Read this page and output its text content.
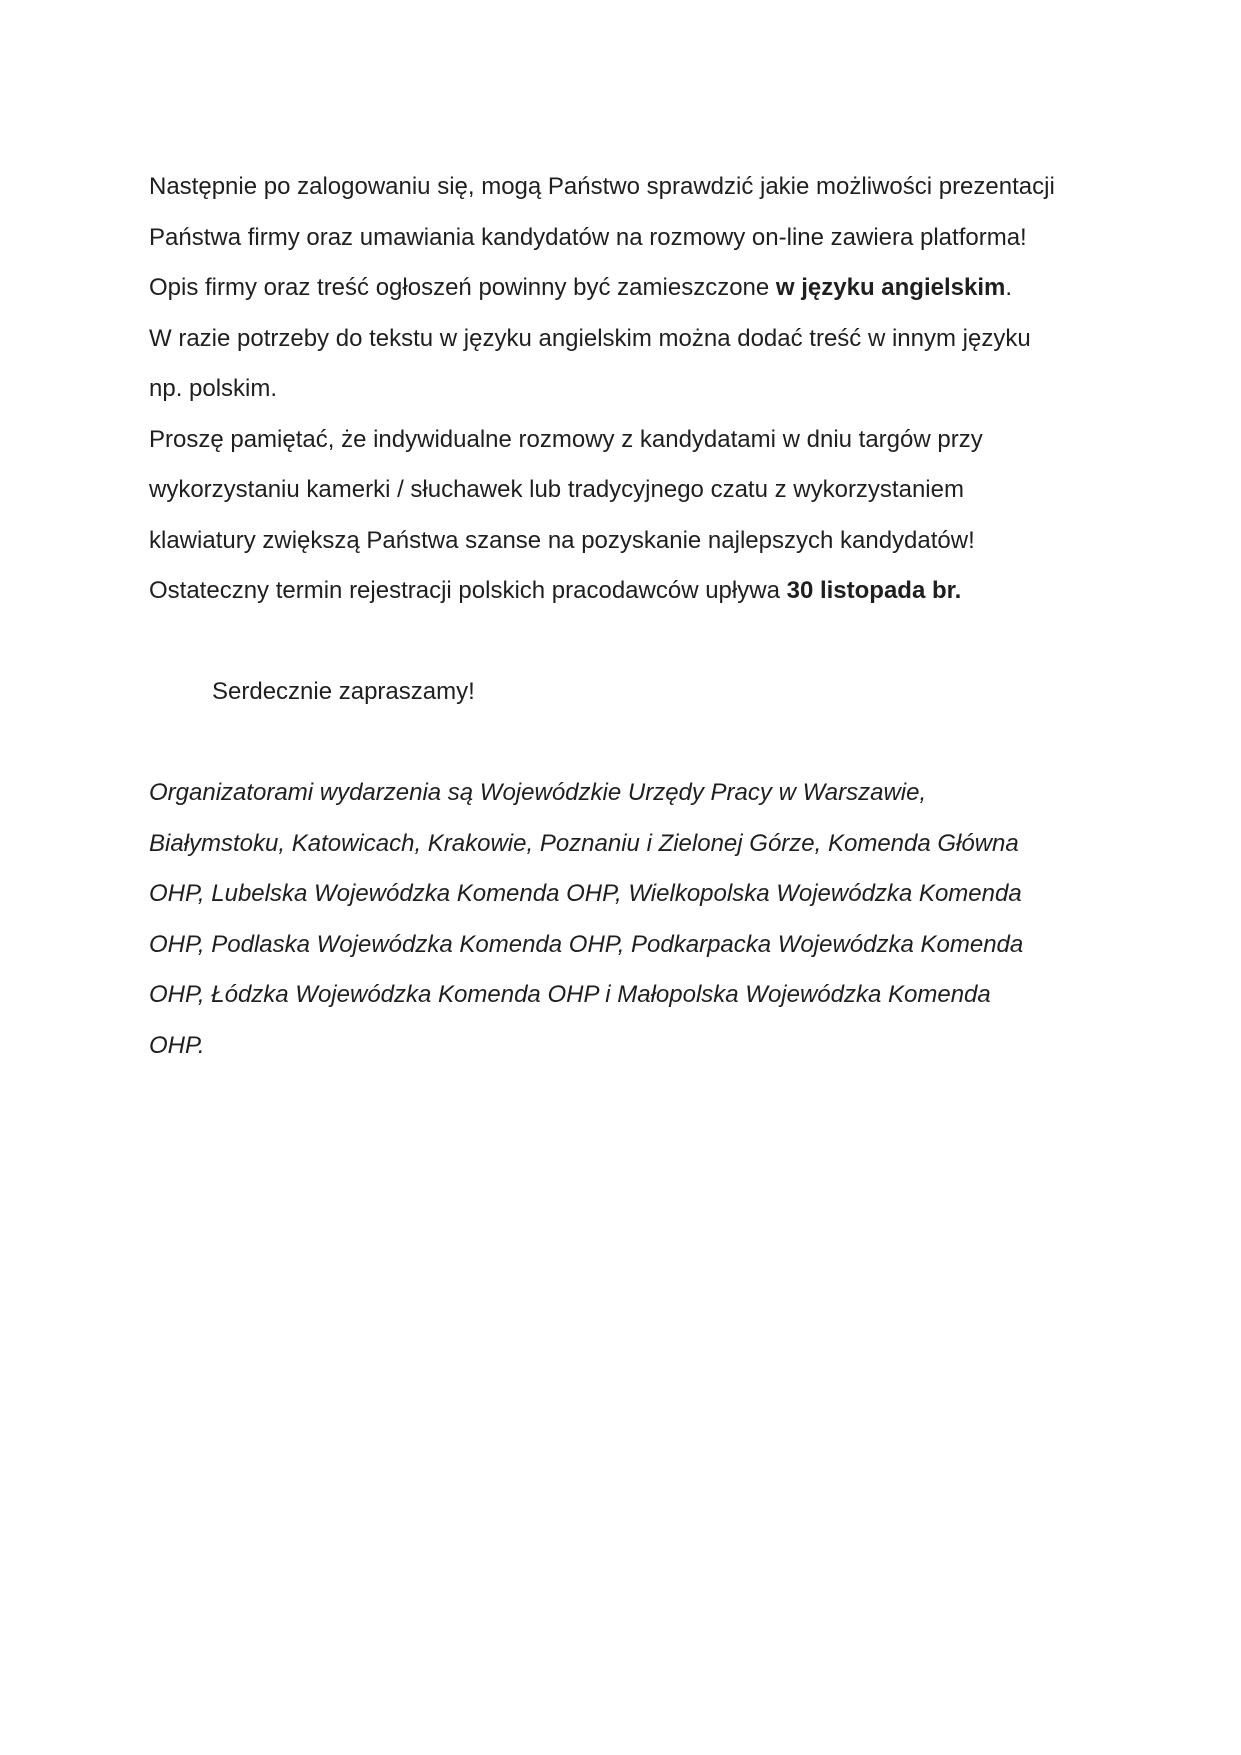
Następnie po zalogowaniu się, mogą Państwo sprawdzić jakie możliwości prezentacji
Państwa firmy oraz umawiania kandydatów na rozmowy on-line zawiera platforma!
Opis firmy oraz treść ogłoszeń powinny być zamieszczone w języku angielskim.
W razie potrzeby do tekstu w języku angielskim można dodać treść w innym języku
np. polskim.
Proszę pamiętać, że indywidualne rozmowy z kandydatami w dniu targów przy
wykorzystaniu kamerki / słuchawek lub tradycyjnego czatu z wykorzystaniem
klawiatury zwiększą Państwa szanse na pozyskanie najlepszych kandydatów!
Ostateczny termin rejestracji polskich pracodawców upływa 30 listopada br.

Serdecznie zapraszamy!

Organizatorami wydarzenia są Wojewódzkie Urzędy Pracy w Warszawie,
Białymstoku, Katowicach, Krakowie, Poznaniu i Zielonej Górze, Komenda Główna
OHP, Lubelska Wojewódzka Komenda OHP, Wielkopolska Wojewódzka Komenda
OHP, Podlaska Wojewódzka Komenda OHP, Podkarpacka Wojewódzka Komenda
OHP, Łódzka Wojewódzka Komenda OHP i Małopolska Wojewódzka Komenda
OHP.
